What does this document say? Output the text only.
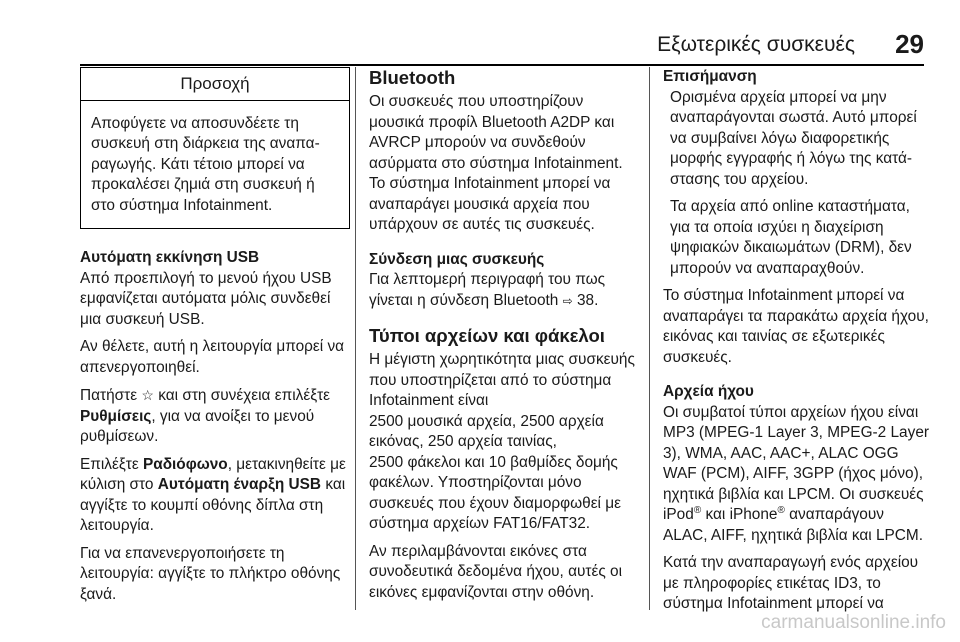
Εξωτερικές συσκευές 29
Προσοχή
Αποφύγετε να αποσυνδέετε τη συσκευή στη διάρκεια της αναπαραγωγής. Κάτι τέτοιο μπορεί να προκαλέσει ζημιά στη συσκευή ή στο σύστημα Infotainment.
Αυτόματη εκκίνηση USB

Από προεπιλογή το μενού ήχου USB εμφανίζεται αυτόματα μόλις συνδεθεί μια συσκευή USB.

Αν θέλετε, αυτή η λειτουργία μπορεί να απενεργοποιηθεί.

Πατήστε ☆ και στη συνέχεια επιλέξτε Ρυθμίσεις, για να ανοίξει το μενού ρυθμίσεων.

Επιλέξτε Ραδιόφωνο, μετακινηθείτε με κύλιση στο Αυτόματη έναρξη USB και αγγίξτε το κουμπί οθόνης δίπλα στη λειτουργία.

Για να επανενεργοποιήσετε τη λειτουργία: αγγίξτε το πλήκτρο οθόνης ξανά.

Bluetooth

Οι συσκευές που υποστηρίζουν μουσικά προφίλ Bluetooth A2DP και AVRCP μπορούν να συνδεθούν ασύρματα στο σύστημα Infotainment. Το σύστημα Infotainment μπορεί να αναπαράγει μουσικά αρχεία που υπάρχουν σε αυτές τις συσκευές.

Σύνδεση μιας συσκευής

Για λεπτομερή περιγραφή του πως γίνεται η σύνδεση Bluetooth ⇨ 38.

Τύποι αρχείων και φάκελοι

Η μέγιστη χωρητικότητα μιας συσκευής που υποστηρίζεται από το σύστημα Infotainment είναι

2500 μουσικά αρχεία, 2500 αρχεία εικόνας, 250 αρχεία ταινίας,

2500 φάκελοι και 10 βαθμίδες δομής φακέλων. Υποστηρίζονται μόνο συσκευές που έχουν διαμορφωθεί με σύστημα αρχείων FAT16/FAT32.

Αν περιλαμβάνονται εικόνες στα συνοδευτικά δεδομένα ήχου, αυτές οι εικόνες εμφανίζονται στην οθόνη.

Επισήμανση

Ορισμένα αρχεία μπορεί να μην αναπαράγονται σωστά. Αυτό μπορεί να συμβαίνει λόγω διαφορετικής μορφής εγγραφής ή λόγω της κατάστασης του αρχείου.

Τα αρχεία από online καταστήματα, για τα οποία ισχύει η διαχείριση ψηφιακών δικαιωμάτων (DRM), δεν μπορούν να αναπαραχθούν.

Το σύστημα Infotainment μπορεί να αναπαράγει τα παρακάτω αρχεία ήχου, εικόνας και ταινίας σε εξωτερικές συσκευές.

Αρχεία ήχου

Οι συμβατοί τύποι αρχείων ήχου είναι MP3 (MPEG-1 Layer 3, MPEG-2 Layer 3), WMA, AAC, AAC+, ALAC OGG WAF (PCM), AIFF, 3GPP (ήχος μόνο), ηχητικά βιβλία και LPCM. Οι συσκευές iPod® και iPhone® αναπαράγουν ALAC, AIFF, ηχητικά βιβλία και LPCM.

Κατά την αναπαραγωγή ενός αρχείου με πληροφορίες ετικέτας ID3, το σύστημα Infotainment μπορεί να

carmanualsonline.info
